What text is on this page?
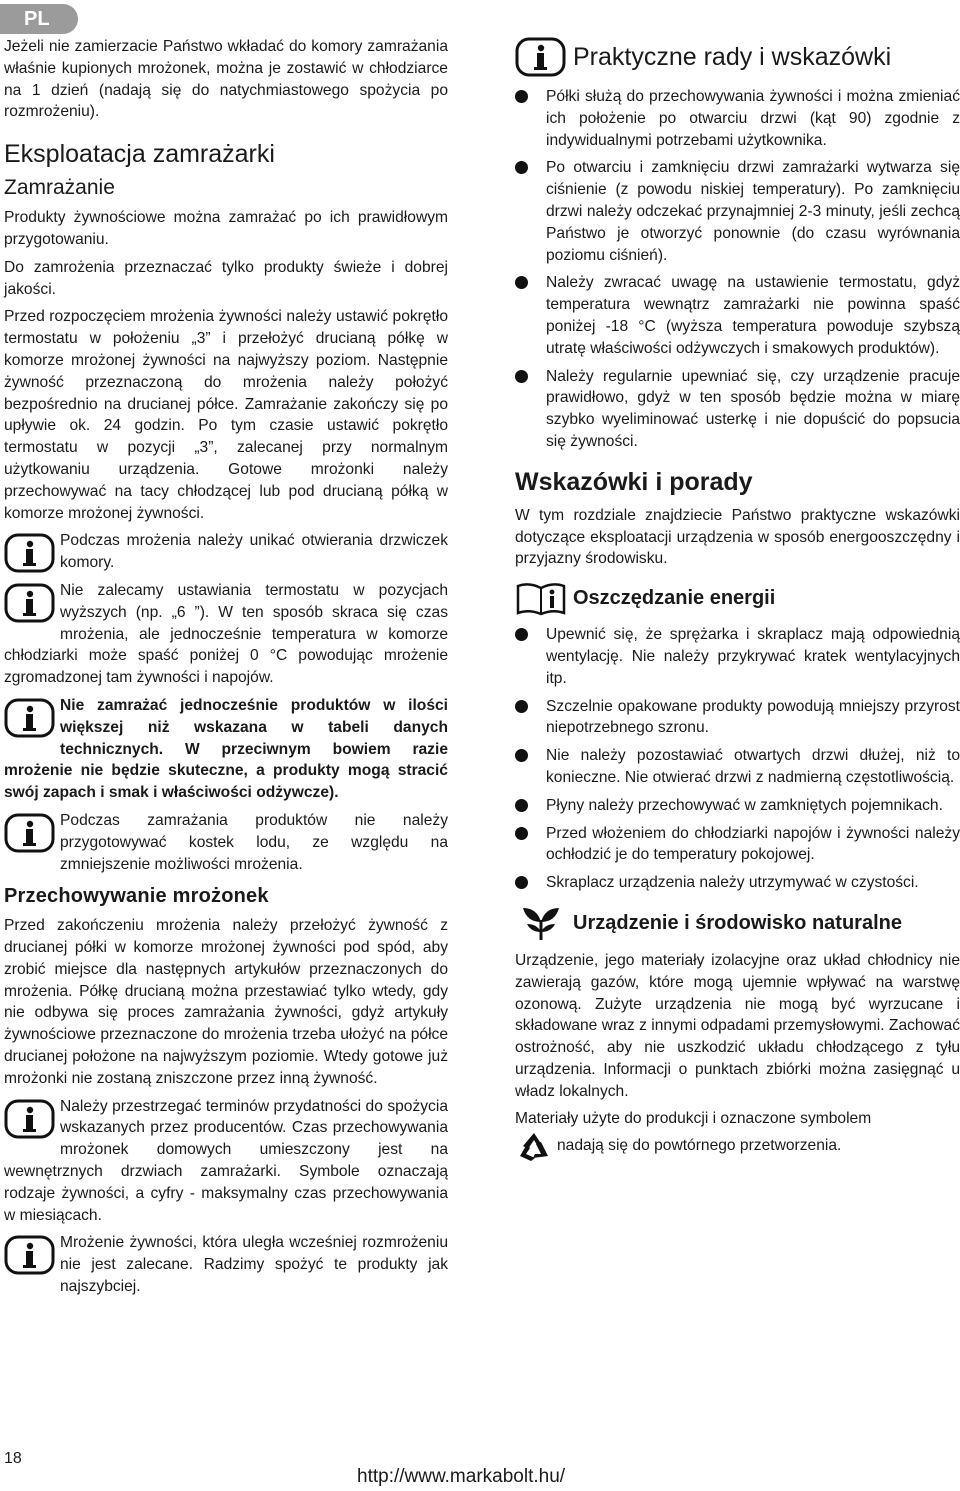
PL

Jeżeli nie zamierzacie Państwo wkładać do komory zamrażania właśnie kupionych mrożonek, można je zostawić w chłodziarce na 1 dzień (nadają się do natychmiastowego spożycia po rozmrożeniu).

Eksploatacja zamrażarki
Zamrażanie

Produkty żywnościowe można zamrażać po ich prawidłowym przygotowaniu.

Do zamrożenia przeznaczać tylko produkty świeże i dobrej jakości.

Przed rozpoczęciem mrożenia żywności należy ustawić pokrętło termostatu w położeniu „3” i przełożyć drucianą półkę w komorze mrożonej żywności na najwyższy poziom. Następnie żywność przeznaczoną do mrożenia należy położyć bezpośrednio na drucianej półce. Zamrażanie zakończy się po upływie ok. 24 godzin. Po tym czasie ustawić pokrętło termostatu w pozycji „3”, zalecanej przy normalnym użytkowaniu urządzenia. Gotowe mrożonki należy przechowywać na tacy chłodzącej lub pod drucianą półką w komorze mrożonej żywności.

Podczas mrożenia należy unikać otwierania drzwiczek komory.

Nie zalecamy ustawiania termostatu w pozycjach wyższych (np. „6 ”). W ten sposób skraca się czas mrożenia, ale jednocześnie temperatura w komorze chłodziarki może spaść poniżej 0 °C powodując mrożenie zgromadzonej tam żywności i napojów.

Nie zamrażać jednocześnie produktów w ilości większej niż wskazana w tabeli danych technicznych. W przeciwnym bowiem razie mrożenie nie będzie skuteczne, a produkty mogą stracić swój zapach i smak i właściwości odżywcze).

Podczas zamrażania produktów nie należy przygotowywać kostek lodu, ze względu na zmniejszenie możliwości mrożenia.

Przechowywanie mrożonek

Przed zakończeniu mrożenia należy przełożyć żywność z drucianej półki w komorze mrożonej żywności pod spód, aby zrobić miejsce dla następnych artykułów przeznaczonych do mrożenia. Półkę drucianą można przestawiać tylko wtedy, gdy nie odbywa się proces zamrażania żywności, gdyż artykuły żywnościowe przeznaczone do mrożenia trzeba ułożyć na półce drucianej położone na najwyższym poziomie. Wtedy gotowe już mrożonki nie zostaną zniszczone przez inną żywność.

Należy przestrzegać terminów przydatności do spożycia wskazanych przez producentów. Czas przechowywania mrożonek domowych umieszczony jest na wewnętrznych drzwiach zamrażarki. Symbole oznaczają rodzaje żywności, a cyfry - maksymalny czas przechowywania w miesiącach.

Mrożenie żywności, która uległa wcześniej rozmrożeniu nie jest zalecane. Radzimy spożyć te produkty jak najszybciej.

Praktyczne rady i wskazówki
Półki służą do przechowywania żywności i można zmieniać ich położenie po otwarciu drzwi (kąt 90) zgodnie z indywidualnymi potrzebami użytkownika.
Po otwarciu i zamknięciu drzwi zamrażarki wytwarza się ciśnienie (z powodu niskiej temperatury). Po zamknięciu drzwi należy odczekać przynajmniej 2-3 minuty, jeśli zechcą Państwo je otworzyć ponownie (do czasu wyrównania poziomu ciśnień).
Należy zwracać uwagę na ustawienie termostatu, gdyż temperatura wewnątrz zamrażarki nie powinna spaść poniżej -18 °C (wyższa temperatura powoduje szybszą utratę właściwości odżywczych i smakowych produktów).
Należy regularnie upewniać się, czy urządzenie pracuje prawidłowo, gdyż w ten sposób będzie można w miarę szybko wyeliminować usterkę i nie dopuścić do popsucia się żywności.
Wskazówki i porady

W tym rozdziale znajdziecie Państwo praktyczne wskazówki dotyczące eksploatacji urządzenia w sposób energooszczędny i przyjazny środowisku.

Oszczędzanie energii
Upewnić się, że sprężarka i skraplacz mają odpowiednią wentylację. Nie należy przykrywać kratek wentylacyjnych itp.
Szczelnie opakowane produkty powodują mniejszy przyrost niepotrzebnego szronu.
Nie należy pozostawiać otwartych drzwi dłużej, niż to konieczne. Nie otwierać drzwi z nadmierną częstotliwością.
Płyny należy przechowywać w zamkniętych pojemnikach.
Przed włożeniem do chłodziarki napojów i żywności należy ochłodzić je do temperatury pokojowej.
Skraplacz urządzenia należy utrzymywać w czystości.
Urządzenie i środowisko naturalne

Urządzenie, jego materiały izolacyjne oraz układ chłodnicy nie zawierają gazów, które mogą ujemnie wpływać na warstwę ozonową. Zużyte urządzenia nie mogą być wyrzucane i składowane wraz z innymi odpadami przemysłowymi. Zachować ostrożność, aby nie uszkodzić układu chłodzącego z tyłu urządzenia. Informacji o punktach zbiórki można zasięgnąć u władz lokalnych.

Materiały użyte do produkcji i oznaczone symbolem

nadają się do powtórnego przetworzenia.
18
http://www.markabolt.hu/
